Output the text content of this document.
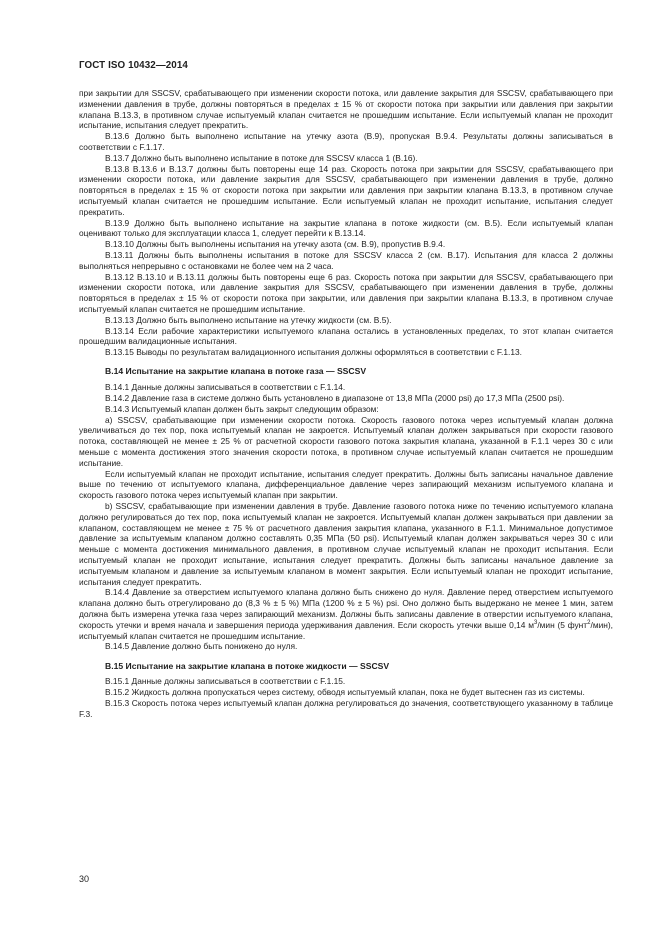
ГОСТ ISO 10432—2014

при закрытии для SSCSV, срабатывающего при изменении скорости потока, или давление закрытия для SSCSV, срабатывающего при изменении давления в трубе, должны повторяться в пределах ± 15 % от скорости потока при закрытии или давления при закрытии клапана B.13.3, в противном случае испытуемый клапан считается не прошедшим испытание. Если испытуемый клапан не проходит испытание, испытания следует прекратить.

B.13.6 Должно быть выполнено испытание на утечку азота (B.9), пропуская B.9.4. Результаты должны записываться в соответствии с F.1.17.

B.13.7 Должно быть выполнено испытание в потоке для SSCSV класса 1 (B.16).

B.13.8 B.13.6 и B.13.7 должны быть повторены еще 14 раз. Скорость потока при закрытии для SSCSV, срабатывающего при изменении скорости потока, или давление закрытия для SSCSV, срабатывающего при изменении давления в трубе, должно повторяться в пределах ± 15 % от скорости потока при закрытии или давления при закрытии клапана B.13.3, в противном случае испытуемый клапан считается не прошедшим испытание. Если испытуемый клапан не проходит испытание, испытания следует прекратить.

B.13.9 Должно быть выполнено испытание на закрытие клапана в потоке жидкости (см. B.5). Если испытуемый клапан оценивают только для эксплуатации класса 1, следует перейти к B.13.14.

B.13.10 Должны быть выполнены испытания на утечку азота (см. B.9), пропустив B.9.4.

B.13.11 Должны быть выполнены испытания в потоке для SSCSV класса 2 (см. B.17). Испытания для класса 2 должны выполняться непрерывно с остановками не более чем на 2 часа.

B.13.12 B.13.10 и B.13.11 должны быть повторены еще 6 раз. Скорость потока при закрытии для SSCSV, срабатывающего при изменении скорости потока, или давление закрытия для SSCSV, срабатывающего при изменении давления в трубе, должны повторяться в пределах ± 15 % от скорости потока при закрытии, или давления при закрытии клапана B.13.3, в противном случае испытуемый клапан считается не прошедшим испытание.

B.13.13 Должно быть выполнено испытание на утечку жидкости (см. B.5).

B.13.14 Если рабочие характеристики испытуемого клапана остались в установленных пределах, то этот клапан считается прошедшим валидационные испытания.

B.13.15 Выводы по результатам валидационного испытания должны оформляться в соответствии с F.1.13.

B.14 Испытание на закрытие клапана в потоке газа — SSCSV

B.14.1 Данные должны записываться в соответствии с F.1.14.

B.14.2 Давление газа в системе должно быть установлено в диапазоне от 13,8 МПа (2000 psi) до 17,3 МПа (2500 psi).

B.14.3 Испытуемый клапан должен быть закрыт следующим образом:

a) SSCSV, срабатывающие при изменении скорости потока. Скорость газового потока через испытуемый клапан должна увеличиваться до тех пор, пока испытуемый клапан не закроется. Испытуемый клапан должен закрываться при скорости газового потока, составляющей не менее ± 25 % от расчетной скорости газового потока закрытия клапана, указанной в F.1.1 через 30 с или меньше с момента достижения этого значения скорости потока, в противном случае испытуемый клапан считается не прошедшим испытание.

Если испытуемый клапан не проходит испытание, испытания следует прекратить. Должны быть записаны начальное давление выше по течению от испытуемого клапана, дифференциальное давление через запирающий механизм испытуемого клапана и скорость газового потока через испытуемый клапан при закрытии.

b) SSCSV, срабатывающие при изменении давления в трубе. Давление газового потока ниже по течению испытуемого клапана должно регулироваться до тех пор, пока испытуемый клапан не закроется. Испытуемый клапан должен закрываться при давлении за клапаном, составляющем не менее ± 75 % от расчетного давления закрытия клапана, указанного в F.1.1. Минимальное допустимое давление за испытуемым клапаном должно составлять 0,35 МПа (50 psi). Испытуемый клапан должен закрываться через 30 с или меньше с момента достижения минимального давления, в противном случае испытуемый клапан не проходит испытания. Если испытуемый клапан не проходит испытание, испытания следует прекратить. Должны быть записаны начальное давление за испытуемым клапаном и давление за испытуемым клапаном в момент закрытия. Если испытуемый клапан не проходит испытание, испытания следует прекратить.

B.14.4 Давление за отверстием испытуемого клапана должно быть снижено до нуля. Давление перед отверстием испытуемого клапана должно быть отрегулировано до (8,3 % ± 5 %) МПа (1200 % ± 5 %) psi. Оно должно быть выдержано не менее 1 мин, затем должна быть измерена утечка газа через запирающий механизм. Должны быть записаны давление в отверстии испытуемого клапана, скорость утечки и время начала и завершения периода удерживания давления. Если скорость утечки выше 0,14 $м^3$/мин (5 фунт$^2$/мин), испытуемый клапан считается не прошедшим испытание.

B.14.5 Давление должно быть понижено до нуля.

B.15 Испытание на закрытие клапана в потоке жидкости — SSCSV

B.15.1 Данные должны записываться в соответствии с F.1.15.

B.15.2 Жидкость должна пропускаться через систему, обводя испытуемый клапан, пока не будет вытеснен газ из системы.

B.15.3 Скорость потока через испытуемый клапан должна регулироваться до значения, соответствующего указанному в таблице F.3.

30
